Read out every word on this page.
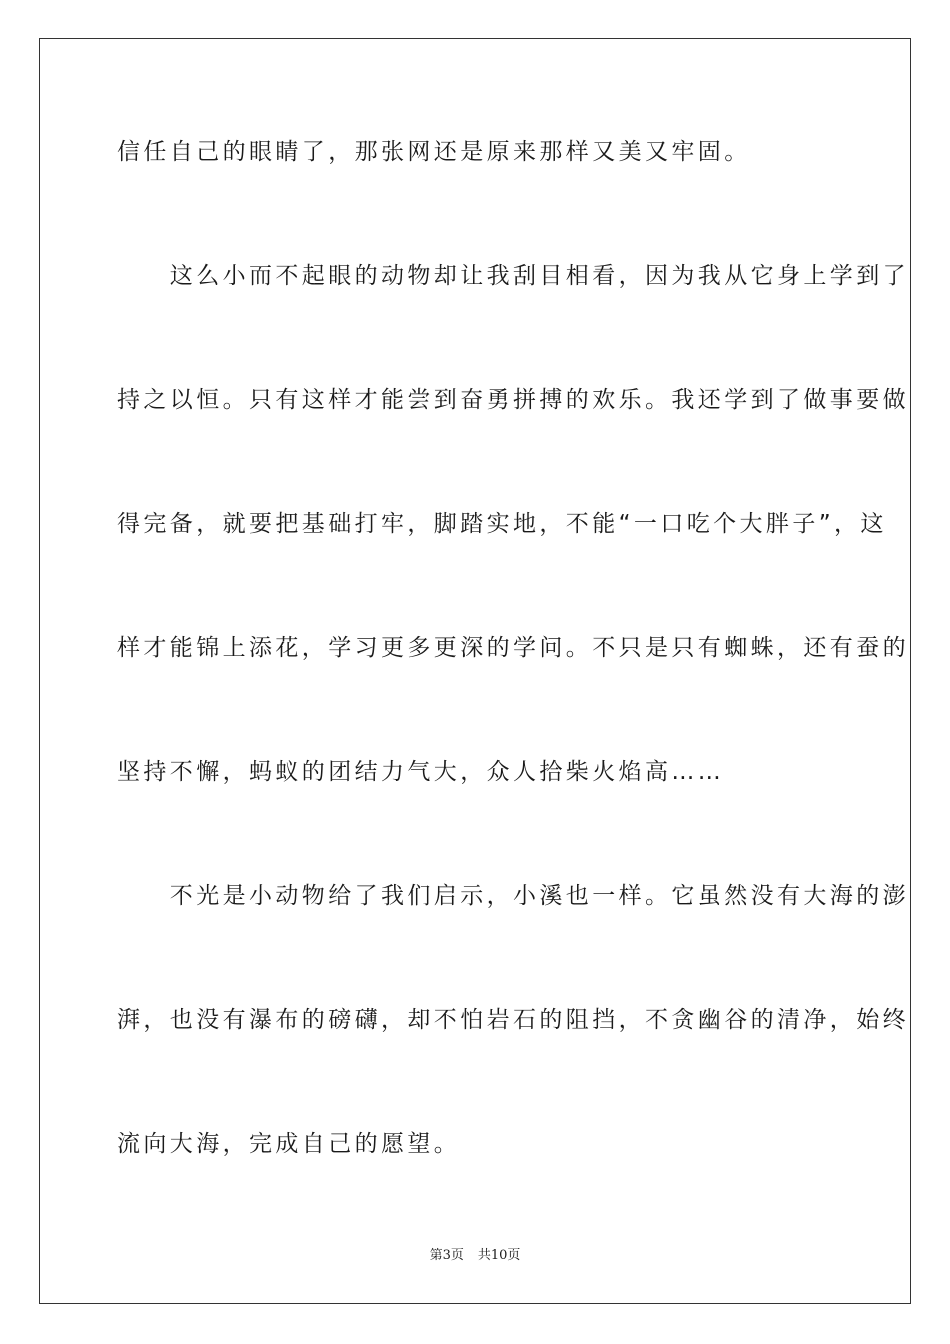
信任自己的眼睛了，那张网还是原来那样又美又牢固。
　　这么小而不起眼的动物却让我刮目相看，因为我从它身上学到了
持之以恒。只有这样才能尝到奋勇拼搏的欢乐。我还学到了做事要做
得完备，就要把基础打牢，脚踏实地，不能“一口吃个大胖子”，这
样才能锦上添花，学习更多更深的学问。不只是只有蜘蛛，还有蚕的
坚持不懈，蚂蚁的团结力气大，众人拾柴火焰高……
　　不光是小动物给了我们启示，小溪也一样。它虽然没有大海的澎
湃，也没有瀑布的磅礴，却不怕岩石的阻挡，不贪幽谷的清净，始终
流向大海，完成自己的愿望。
第3页 共10页
